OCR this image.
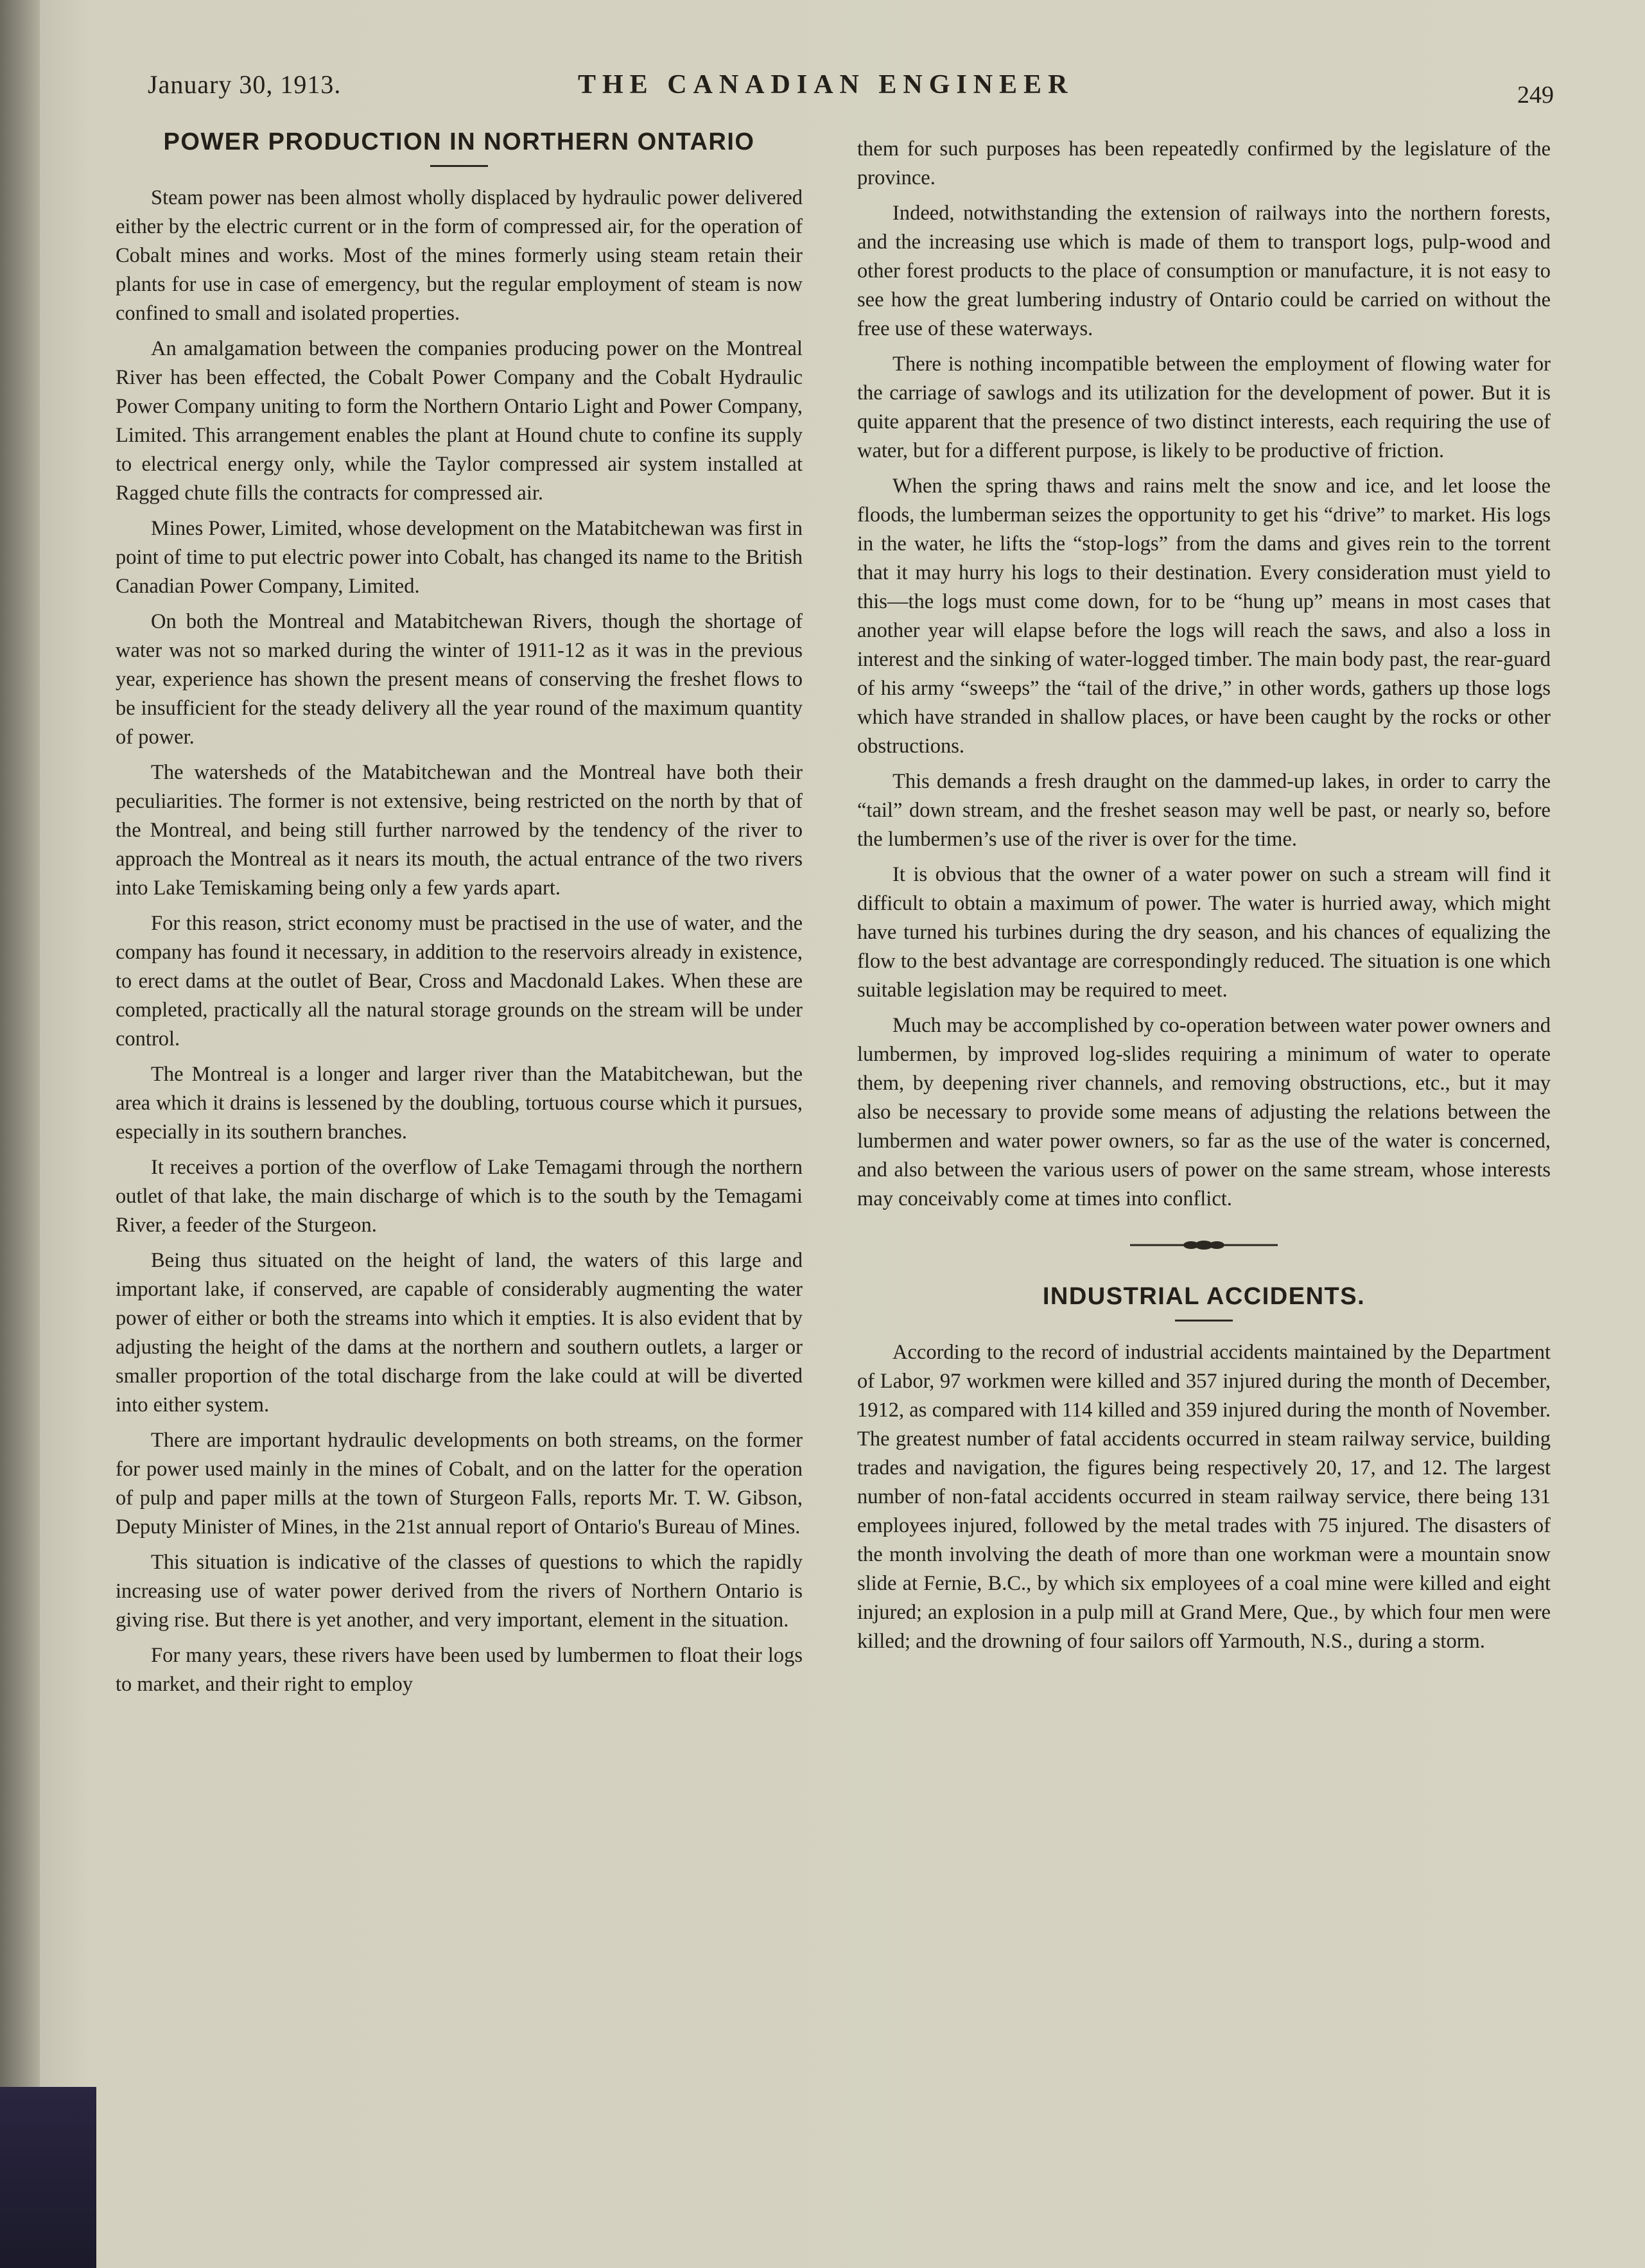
January 30, 1913.	THE CANADIAN ENGINEER	249
POWER PRODUCTION IN NORTHERN ONTARIO

Steam power nas been almost wholly displaced by hydraulic power delivered either by the electric current or in the form of compressed air, for the operation of Cobalt mines and works. Most of the mines formerly using steam retain their plants for use in case of emergency, but the regular employment of steam is now confined to small and isolated properties.

An amalgamation between the companies producing power on the Montreal River has been effected, the Cobalt Power Company and the Cobalt Hydraulic Power Company uniting to form the Northern Ontario Light and Power Company, Limited. This arrangement enables the plant at Hound chute to confine its supply to electrical energy only, while the Taylor compressed air system installed at Ragged chute fills the contracts for compressed air.

Mines Power, Limited, whose development on the Matabitchewan was first in point of time to put electric power into Cobalt, has changed its name to the British Canadian Power Company, Limited.

On both the Montreal and Matabitchewan Rivers, though the shortage of water was not so marked during the winter of 1911-12 as it was in the previous year, experience has shown the present means of conserving the freshet flows to be insufficient for the steady delivery all the year round of the maximum quantity of power.

The watersheds of the Matabitchewan and the Montreal have both their peculiarities. The former is not extensive, being restricted on the north by that of the Montreal, and being still further narrowed by the tendency of the river to approach the Montreal as it nears its mouth, the actual entrance of the two rivers into Lake Temiskaming being only a few yards apart.

For this reason, strict economy must be practised in the use of water, and the company has found it necessary, in addition to the reservoirs already in existence, to erect dams at the outlet of Bear, Cross and Macdonald Lakes. When these are completed, practically all the natural storage grounds on the stream will be under control.

The Montreal is a longer and larger river than the Matabitchewan, but the area which it drains is lessened by the doubling, tortuous course which it pursues, especially in its southern branches.

It receives a portion of the overflow of Lake Temagami through the northern outlet of that lake, the main discharge of which is to the south by the Temagami River, a feeder of the Sturgeon.

Being thus situated on the height of land, the waters of this large and important lake, if conserved, are capable of considerably augmenting the water power of either or both the streams into which it empties. It is also evident that by adjusting the height of the dams at the northern and southern outlets, a larger or smaller proportion of the total discharge from the lake could at will be diverted into either system.

There are important hydraulic developments on both streams, on the former for power used mainly in the mines of Cobalt, and on the latter for the operation of pulp and paper mills at the town of Sturgeon Falls, reports Mr. T. W. Gibson, Deputy Minister of Mines, in the 21st annual report of Ontario's Bureau of Mines.

This situation is indicative of the classes of questions to which the rapidly increasing use of water power derived from the rivers of Northern Ontario is giving rise. But there is yet another, and very important, element in the situation.

For many years, these rivers have been used by lumbermen to float their logs to market, and their right to employ

them for such purposes has been repeatedly confirmed by the legislature of the province.

Indeed, notwithstanding the extension of railways into the northern forests, and the increasing use which is made of them to transport logs, pulp-wood and other forest products to the place of consumption or manufacture, it is not easy to see how the great lumbering industry of Ontario could be carried on without the free use of these waterways.

There is nothing incompatible between the employment of flowing water for the carriage of sawlogs and its utilization for the development of power. But it is quite apparent that the presence of two distinct interests, each requiring the use of water, but for a different purpose, is likely to be productive of friction.

When the spring thaws and rains melt the snow and ice, and let loose the floods, the lumberman seizes the opportunity to get his “drive” to market. His logs in the water, he lifts the “stop-logs” from the dams and gives rein to the torrent that it may hurry his logs to their destination. Every consideration must yield to this—the logs must come down, for to be “hung up” means in most cases that another year will elapse before the logs will reach the saws, and also a loss in interest and the sinking of water-logged timber. The main body past, the rear-guard of his army “sweeps” the “tail of the drive,” in other words, gathers up those logs which have stranded in shallow places, or have been caught by the rocks or other obstructions.

This demands a fresh draught on the dammed-up lakes, in order to carry the “tail” down stream, and the freshet season may well be past, or nearly so, before the lumbermen’s use of the river is over for the time.

It is obvious that the owner of a water power on such a stream will find it difficult to obtain a maximum of power. The water is hurried away, which might have turned his turbines during the dry season, and his chances of equalizing the flow to the best advantage are correspondingly reduced. The situation is one which suitable legislation may be required to meet.

Much may be accomplished by co-operation between water power owners and lumbermen, by improved log-slides requiring a minimum of water to operate them, by deepening river channels, and removing obstructions, etc., but it may also be necessary to provide some means of adjusting the relations between the lumbermen and water power owners, so far as the use of the water is concerned, and also between the various users of power on the same stream, whose interests may conceivably come at times into conflict.

INDUSTRIAL ACCIDENTS.

According to the record of industrial accidents maintained by the Department of Labor, 97 workmen were killed and 357 injured during the month of December, 1912, as compared with 114 killed and 359 injured during the month of November. The greatest number of fatal accidents occurred in steam railway service, building trades and navigation, the figures being respectively 20, 17, and 12. The largest number of non-fatal accidents occurred in steam railway service, there being 131 employees injured, followed by the metal trades with 75 injured. The disasters of the month involving the death of more than one workman were a mountain snow slide at Fernie, B.C., by which six employees of a coal mine were killed and eight injured; an explosion in a pulp mill at Grand Mere, Que., by which four men were killed; and the drowning of four sailors off Yarmouth, N.S., during a storm.
